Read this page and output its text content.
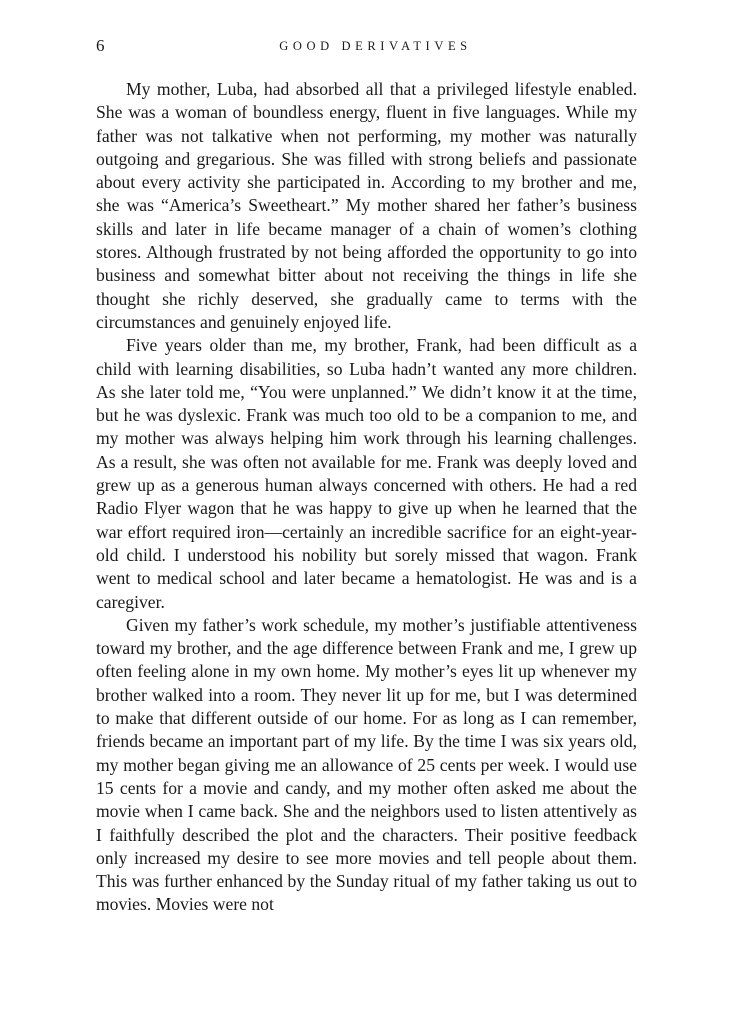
6	GOOD DERIVATIVES

My mother, Luba, had absorbed all that a privileged lifestyle enabled. She was a woman of boundless energy, fluent in five languages. While my father was not talkative when not performing, my mother was naturally outgoing and gregarious. She was filled with strong beliefs and passionate about every activity she participated in. According to my brother and me, she was “America’s Sweetheart.” My mother shared her father’s business skills and later in life became manager of a chain of women’s clothing stores. Although frustrated by not being afforded the opportunity to go into business and somewhat bitter about not receiving the things in life she thought she richly deserved, she gradually came to terms with the circumstances and genuinely enjoyed life.

Five years older than me, my brother, Frank, had been difficult as a child with learning disabilities, so Luba hadn’t wanted any more children. As she later told me, “You were unplanned.” We didn’t know it at the time, but he was dyslexic. Frank was much too old to be a companion to me, and my mother was always helping him work through his learning challenges. As a result, she was often not available for me. Frank was deeply loved and grew up as a generous human always concerned with others. He had a red Radio Flyer wagon that he was happy to give up when he learned that the war effort required iron—certainly an incredible sacrifice for an eight-year-old child. I understood his nobility but sorely missed that wagon. Frank went to medical school and later became a hematologist. He was and is a caregiver.

Given my father’s work schedule, my mother’s justifiable attentiveness toward my brother, and the age difference between Frank and me, I grew up often feeling alone in my own home. My mother’s eyes lit up whenever my brother walked into a room. They never lit up for me, but I was determined to make that different outside of our home. For as long as I can remember, friends became an important part of my life. By the time I was six years old, my mother began giving me an allowance of 25 cents per week. I would use 15 cents for a movie and candy, and my mother often asked me about the movie when I came back. She and the neighbors used to listen attentively as I faithfully described the plot and the characters. Their positive feedback only increased my desire to see more movies and tell people about them. This was further enhanced by the Sunday ritual of my father taking us out to movies. Movies were not
